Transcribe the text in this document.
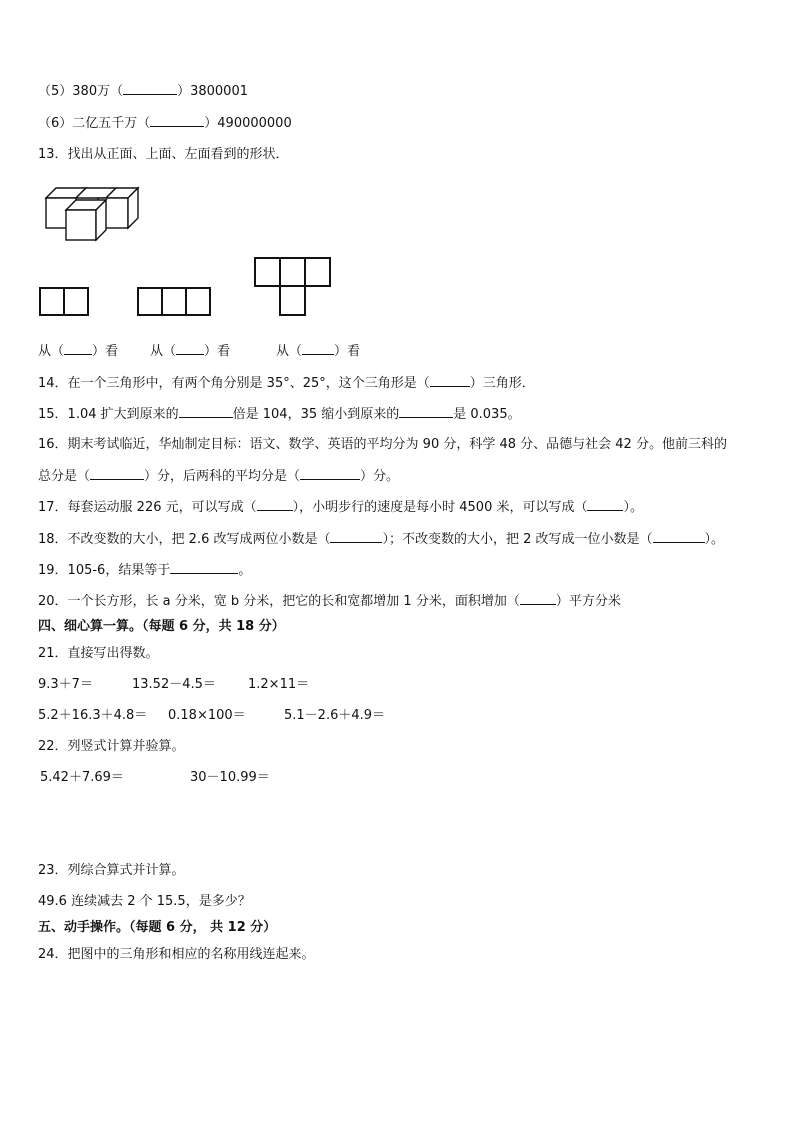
（5）380万（	）3800001
（6）二亿五千万（	）490000000
13．找出从正面、上面、左面看到的形状．
从（ ）看 从（ ）看	从（ ）看
14．在一个三角形中，有两个角分别是 35°、25°，这个三角形是（	）三角形．
15．1.04 扩大到原来的	倍是 104，35 缩小到原来的	是 0.035。
16．期末考试临近，华灿制定目标：语文、数学、英语的平均分为 90 分，科学 48 分、品德与社会 42 分。他前三科的
总分是（	）分，后两科的平均分是（	）分。
17．每套运动服 226 元，可以写成（	），小明步行的速度是每小时 4500 米，可以写成（	）。
18．不改变数的大小，把 2.6 改写成两位小数是（	）；不改变数的大小，把 2 改写成一位小数是（	）。
19．105-6，结果等于	。
20．一个长方形，长 a 分米，宽 b 分米，把它的长和宽都增加 1 分米，面积增加（	）平方分米
四、细心算一算。（每题 6 分，共 18 分）
21．直接写出得数。
9.3＋7＝	13.52－4.5＝ 1.2×11＝
5.2＋16.3＋4.8＝ 0.18×100＝	5.1－2.6＋4.9＝
22．列竖式计算并验算。
5.42＋7.69＝	30－10.99＝
23．列综合算式并计算。
49.6 连续减去 2 个 15.5，是多少？
五、动手操作。（每题 6 分， 共 12 分）
24．把图中的三角形和相应的名称用线连起来。
